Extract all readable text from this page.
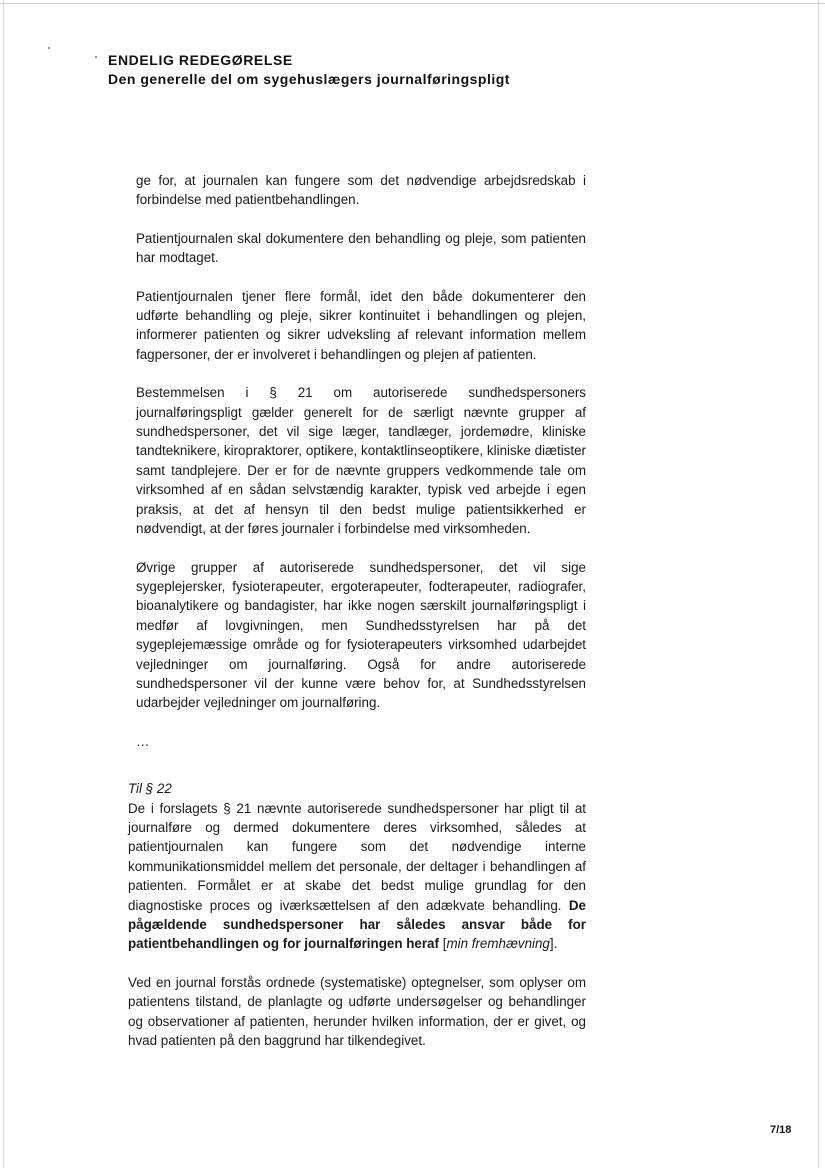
ENDELIG REDEGØRELSE
Den generelle del om sygehuslægers journalføringspligt

ge for, at journalen kan fungere som det nødvendige arbejdsredskab i forbindelse med patientbehandlingen.

Patientjournalen skal dokumentere den behandling og pleje, som patienten har modtaget.

Patientjournalen tjener flere formål, idet den både dokumenterer den udførte behandling og pleje, sikrer kontinuitet i behandlingen og plejen, informerer patienten og sikrer udveksling af relevant information mellem fagpersoner, der er involveret i behandlingen og plejen af patienten.

Bestemmelsen i § 21 om autoriserede sundhedspersoners journalføringspligt gælder generelt for de særligt nævnte grupper af sundhedspersoner, det vil sige læger, tandlæger, jordemødre, kliniske tandteknikere, kiropraktorer, optikere, kontaktlinseoptikere, kliniske diætister samt tandplejere. Der er for de nævnte gruppers vedkommende tale om virksomhed af en sådan selvstændig karakter, typisk ved arbejde i egen praksis, at det af hensyn til den bedst mulige patientsikkerhed er nødvendigt, at der føres journaler i forbindelse med virksomheden.

Øvrige grupper af autoriserede sundhedspersoner, det vil sige sygeplejersker, fysioterapeuter, ergoterapeuter, fodterapeuter, radiografer, bioanalytikere og bandagister, har ikke nogen særskilt journalføringspligt i medfør af lovgivningen, men Sundhedsstyrelsen har på det sygeplejemæssige område og for fysioterapeuters virksomhed udarbejdet vejledninger om journalføring. Også for andre autoriserede sundhedspersoner vil der kunne være behov for, at Sundhedsstyrelsen udarbejder vejledninger om journalføring.

…

Til § 22

De i forslagets § 21 nævnte autoriserede sundhedspersoner har pligt til at journalføre og dermed dokumentere deres virksomhed, således at patientjournalen kan fungere som det nødvendige interne kommunikationsmiddel mellem det personale, der deltager i behandlingen af patienten. Formålet er at skabe det bedst mulige grundlag for den diagnostiske proces og iværksættelsen af den adækvate behandling. De pågældende sundhedspersoner har således ansvar både for patientbehandlingen og for journalføringen heraf [min fremhævning].

Ved en journal forstås ordnede (systematiske) optegnelser, som oplyser om patientens tilstand, de planlagte og udførte undersøgelser og behandlinger og observationer af patienten, herunder hvilken information, der er givet, og hvad patienten på den baggrund har tilkendegivet.

7/18
